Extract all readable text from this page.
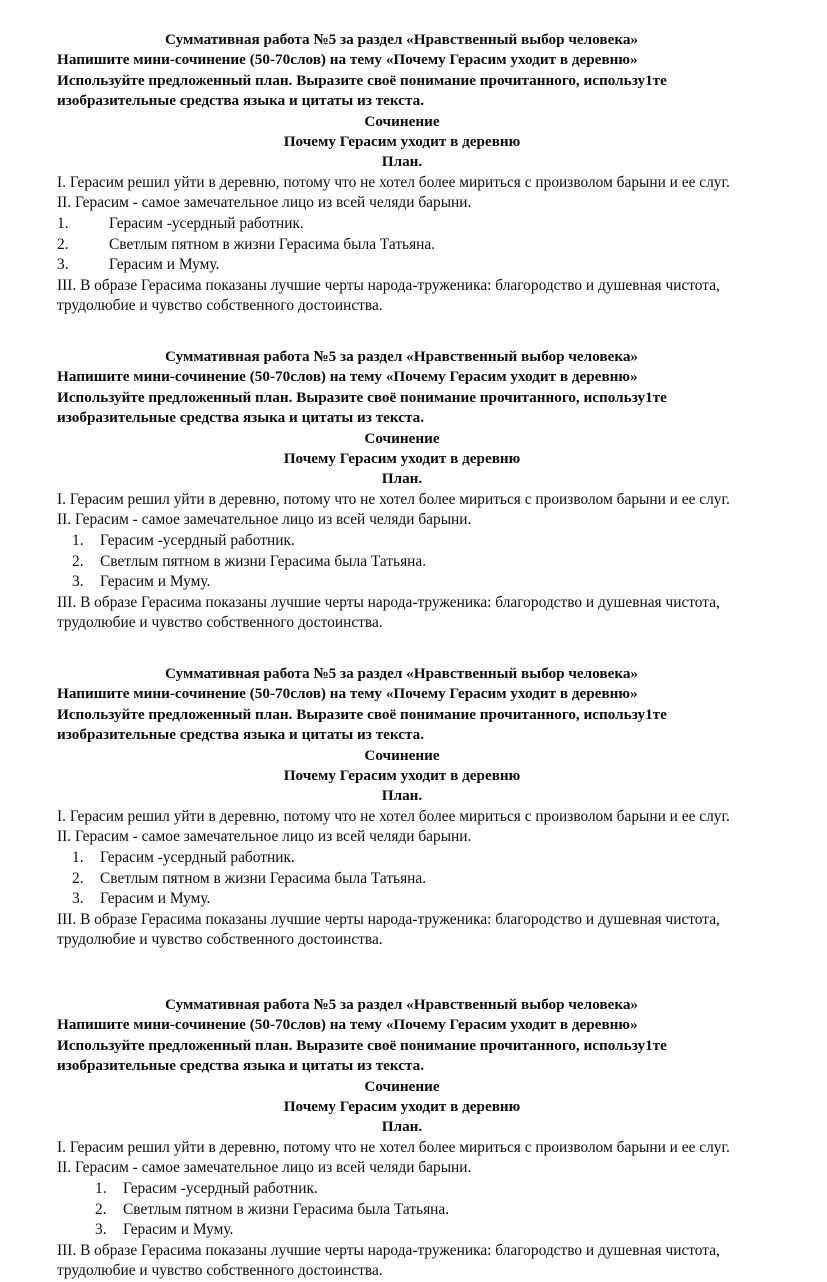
Суммативная работа №5 за раздел «Нравственный выбор человека»
Напишите мини-сочинение (50-70слов) на тему «Почему Герасим уходит в деревню»
Используйте предложенный план. Выразите своё понимание прочитанного, использу1те
изобразительные средства языка и цитаты из текста.
Сочинение
Почему Герасим уходит в деревню
План.
I. Герасим решил уйти в деревню, потому что не хотел более мириться с произволом барыни и ее слуг.
II. Герасим - самое замечательное лицо из всей челяди барыни.
1.	Герасим -усердный работник.
2.	Светлым пятном в жизни Герасима была Татьяна.
3.	Герасим и Муму.
III. В образе Герасима показаны лучшие черты народа-труженика: благородство и душевная чистота,
трудолюбие и чувство собственного достоинства.
Суммативная работа №5 за раздел «Нравственный выбор человека»
Напишите мини-сочинение (50-70слов) на тему «Почему Герасим уходит в деревню»
Используйте предложенный план. Выразите своё понимание прочитанного, использу1те
изобразительные средства языка и цитаты из текста.
Сочинение
Почему Герасим уходит в деревню
План.
I. Герасим решил уйти в деревню, потому что не хотел более мириться с произволом барыни и ее слуг.
II. Герасим - самое замечательное лицо из всей челяди барыни.
1. Герасим -усердный работник.
2. Светлым пятном в жизни Герасима была Татьяна.
3. Герасим и Муму.
III. В образе Герасима показаны лучшие черты народа-труженика: благородство и душевная чистота,
трудолюбие и чувство собственного достоинства.
Суммативная работа №5 за раздел «Нравственный выбор человека»
Напишите мини-сочинение (50-70слов) на тему «Почему Герасим уходит в деревню»
Используйте предложенный план. Выразите своё понимание прочитанного, использу1те
изобразительные средства языка и цитаты из текста.
Сочинение
Почему Герасим уходит в деревню
План.
I. Герасим решил уйти в деревню, потому что не хотел более мириться с произволом барыни и ее слуг.
II. Герасим - самое замечательное лицо из всей челяди барыни.
1. Герасим -усердный работник.
2. Светлым пятном в жизни Герасима была Татьяна.
3. Герасим и Муму.
III. В образе Герасима показаны лучшие черты народа-труженика: благородство и душевная чистота,
трудолюбие и чувство собственного достоинства.
Суммативная работа №5 за раздел «Нравственный выбор человека»
Напишите мини-сочинение (50-70слов) на тему «Почему Герасим уходит в деревню»
Используйте предложенный план. Выразите своё понимание прочитанного, использу1те
изобразительные средства языка и цитаты из текста.
Сочинение
Почему Герасим уходит в деревню
План.
I. Герасим решил уйти в деревню, потому что не хотел более мириться с произволом барыни и ее слуг.
II. Герасим - самое замечательное лицо из всей челяди барыни.
1. Герасим -усердный работник.
2. Светлым пятном в жизни Герасима была Татьяна.
3. Герасим и Муму.
III. В образе Герасима показаны лучшие черты народа-труженика: благородство и душевная чистота,
трудолюбие и чувство собственного достоинства.
